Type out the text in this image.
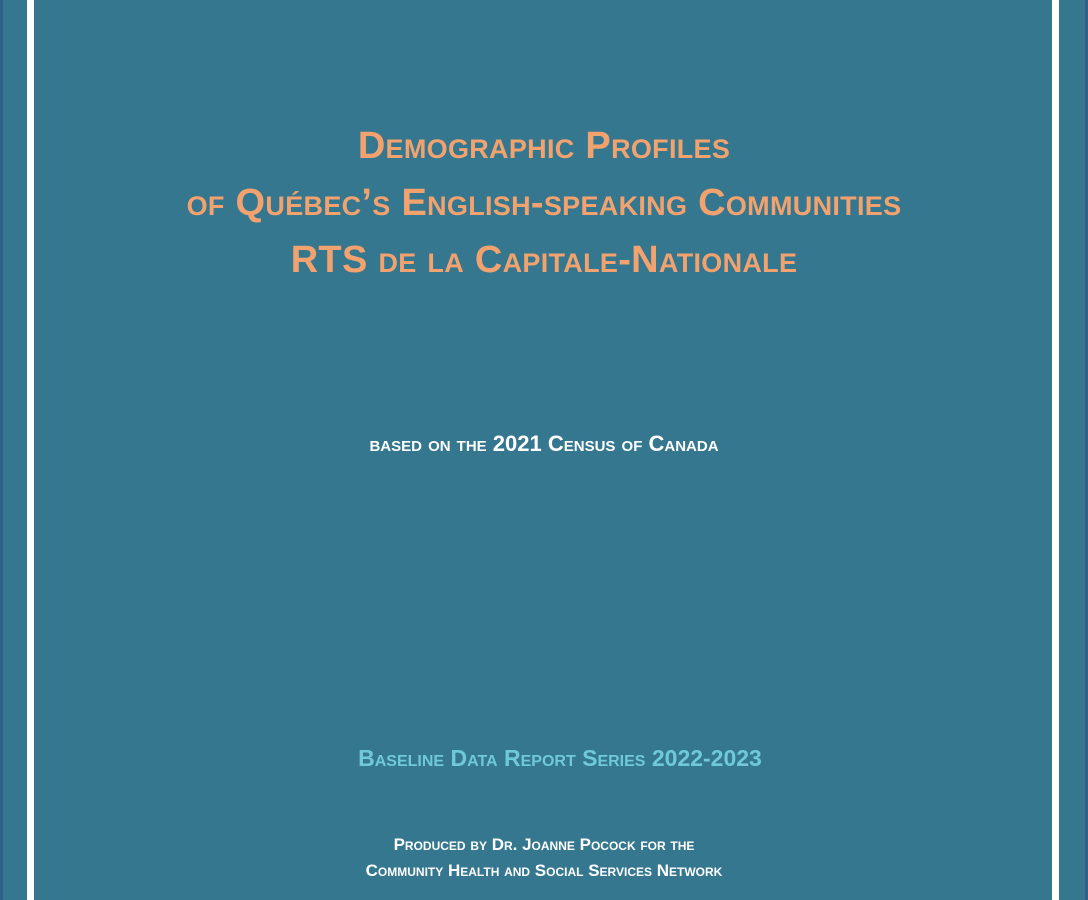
Demographic Profiles
of Québec’s English-speaking Communities
RTS de la Capitale-Nationale
based on the 2021 Census of Canada
Baseline Data Report Series 2022-2023
Produced by Dr. Joanne Pocock for the
Community Health and Social Services Network
